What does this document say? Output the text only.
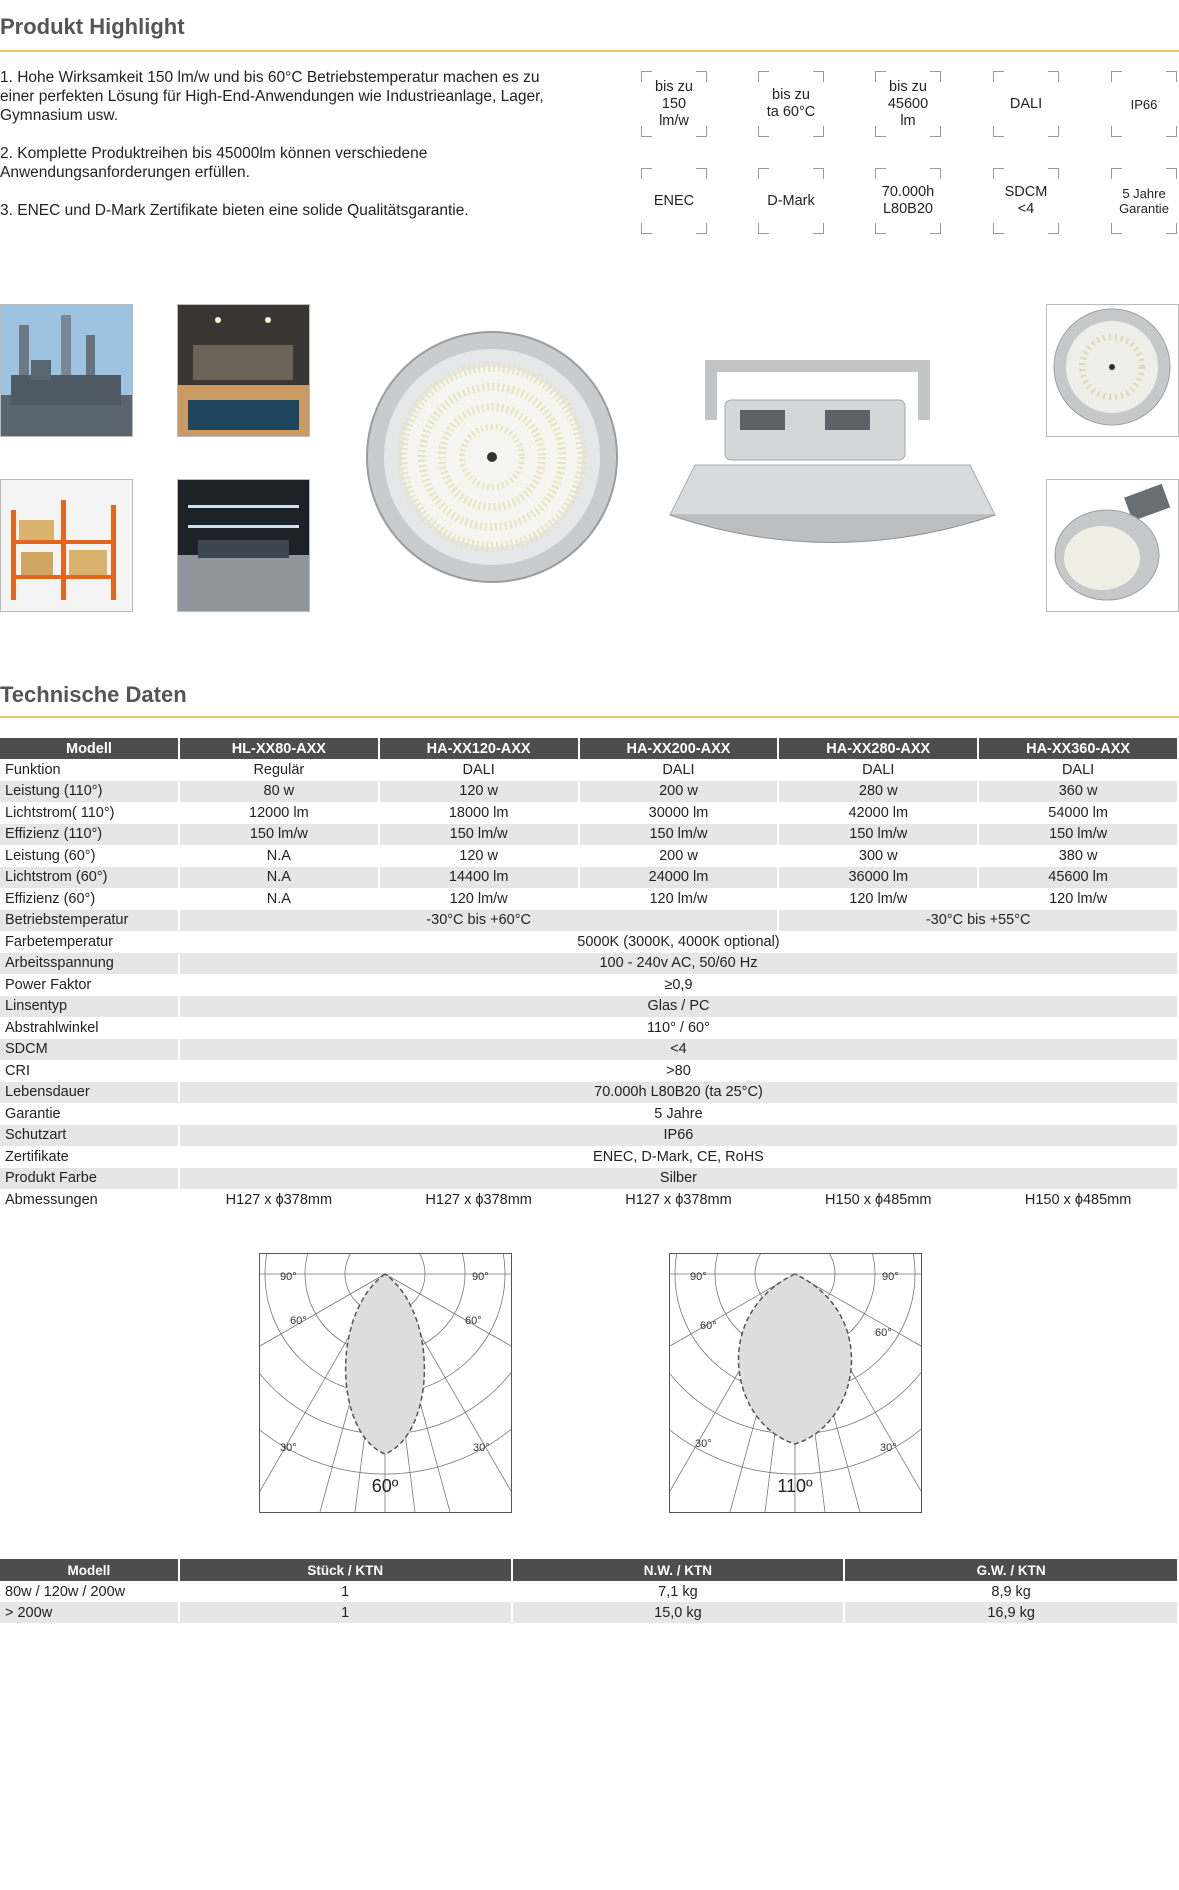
Produkt Highlight

1. Hohe Wirksamkeit 150 lm/w und bis 60°C Betriebstemperatur machen es zu einer perfekten Lösung für High-End-Anwendungen wie Industrieanlage, Lager, Gymnasium usw.

2. Komplette Produktreihen bis 45000lm können verschiedene Anwendungsanforderungen erfüllen.

3. ENEC und D-Mark Zertifikate bieten eine solide Qualitätsgarantie.

bis zu
150
lm/w
bis zu
ta 60°C
bis zu
45600
lm
DALI	IP66
ENEC	D-Mark
70.000h
L80B20
SDCM
<4
5 Jahre
Garantie
Technische Daten
Modell	HL-XX80-AXX	HA-XX120-AXX	HA-XX200-AXX	HA-XX280-AXX	HA-XX360-AXX
Funktion	Regulär	DALI	DALI	DALI	DALI
Leistung (110°)	80 w	120 w	200 w	280 w	360 w
Lichtstrom( 110°)	12000 lm	18000 lm	30000 lm	42000 lm	54000 lm
Effizienz (110°)	150 lm/w	150 lm/w	150 lm/w	150 lm/w	150 lm/w
Leistung (60°)	N.A	120 w	200 w	300 w	380 w
Lichtstrom (60°)	N.A	14400 lm	24000 lm	36000 lm	45600 lm
Effizienz (60°)	N.A	120 lm/w	120 lm/w	120 lm/w	120 lm/w
Betriebstemperatur	-30°C bis +60°C			-30°C bis +55°C	
Farbetemperatur	5000K (3000K, 4000K optional)				
Arbeitsspannung	100 - 240v AC, 50/60 Hz				
Power Faktor	≥0,9				
Linsentyp	Glas / PC				
Abstrahlwinkel	110° / 60°				
SDCM	<4				
CRI	>80				
Lebensdauer	70.000h L80B20 (ta 25°C)				
Garantie	5 Jahre				
Schutzart	IP66				
Zertifikate	ENEC, D-Mark, CE, RoHS				
Produkt Farbe	Silber				
Abmessungen	H127 x ϕ378mm	H127 x ϕ378mm	H127 x ϕ378mm	H150 x ϕ485mm	H150 x ϕ485mm
90°	90°
60°	60°
30°	30°
60º
90°	90°
60°
60°
30°	30°
110º
Modell	Stück / KTN	N.W. / KTN	G.W. / KTN
80w / 120w / 200w	1	7,1 kg	8,9 kg
> 200w	1	15,0 kg	16,9 kg
